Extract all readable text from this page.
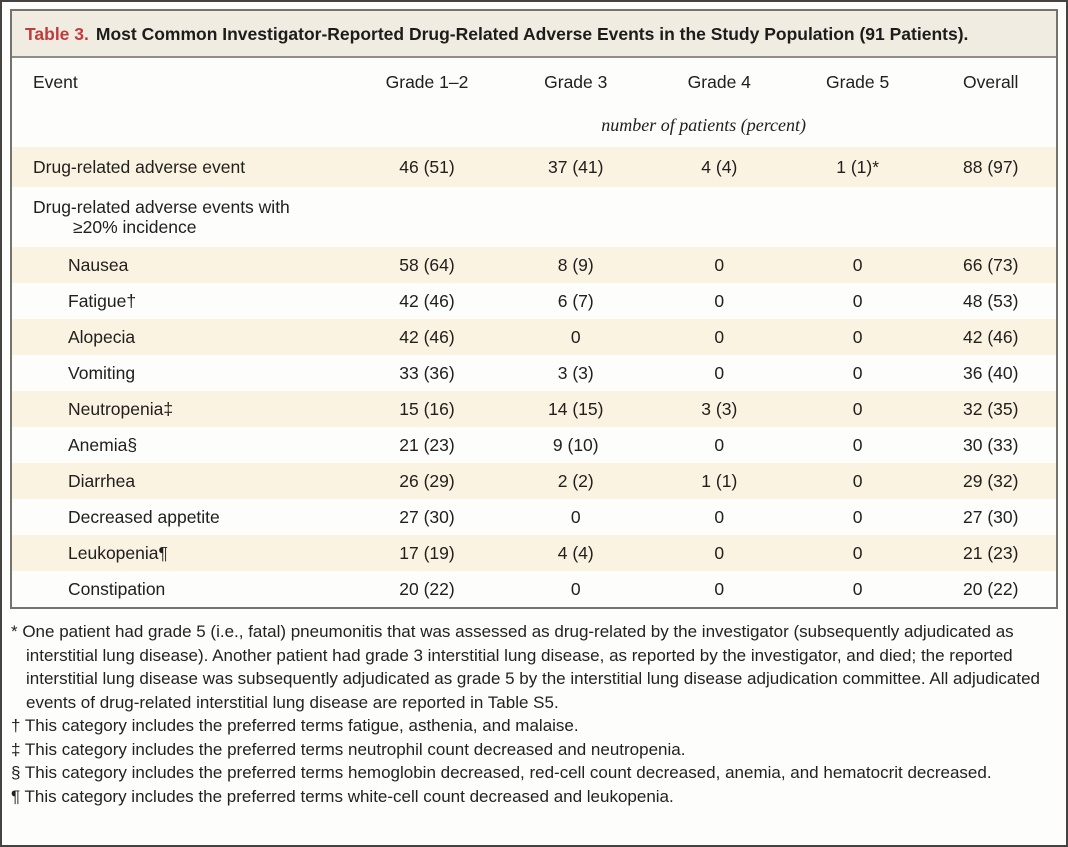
Table 3. Most Common Investigator-Reported Drug-Related Adverse Events in the Study Population (91 Patients).
Event	Grade 1–2	Grade 3	Grade 4	Grade 5	Overall
	number of patients (percent)				
Drug-related adverse event	46 (51)	37 (41)	4 (4)	1 (1)*	88 (97)

Drug-related adverse events with
≥20% incidence					

Nausea	58 (64)	8 (9)	0	0	66 (73)
Fatigue†	42 (46)	6 (7)	0	0	48 (53)
Alopecia	42 (46)	0	0	0	42 (46)
Vomiting	33 (36)	3 (3)	0	0	36 (40)
Neutropenia‡	15 (16)	14 (15)	3 (3)	0	32 (35)
Anemia§	21 (23)	9 (10)	0	0	30 (33)
Diarrhea	26 (29)	2 (2)	1 (1)	0	29 (32)
Decreased appetite	27 (30)	0	0	0	27 (30)
Leukopenia¶	17 (19)	4 (4)	0	0	21 (23)
Constipation	20 (22)	0	0	0	20 (22)

* One patient had grade 5 (i.e., fatal) pneumonitis that was assessed as drug-related by the investigator (subsequently adjudicated as interstitial lung disease). Another patient had grade 3 interstitial lung disease, as reported by the investigator, and died; the reported interstitial lung disease was subsequently adjudicated as grade 5 by the interstitial lung disease adjudication committee. All adjudicated events of drug-related interstitial lung disease are reported in Table S5.

† This category includes the preferred terms fatigue, asthenia, and malaise.

‡ This category includes the preferred terms neutrophil count decreased and neutropenia.

§ This category includes the preferred terms hemoglobin decreased, red-cell count decreased, anemia, and hematocrit decreased.

¶ This category includes the preferred terms white-cell count decreased and leukopenia.
